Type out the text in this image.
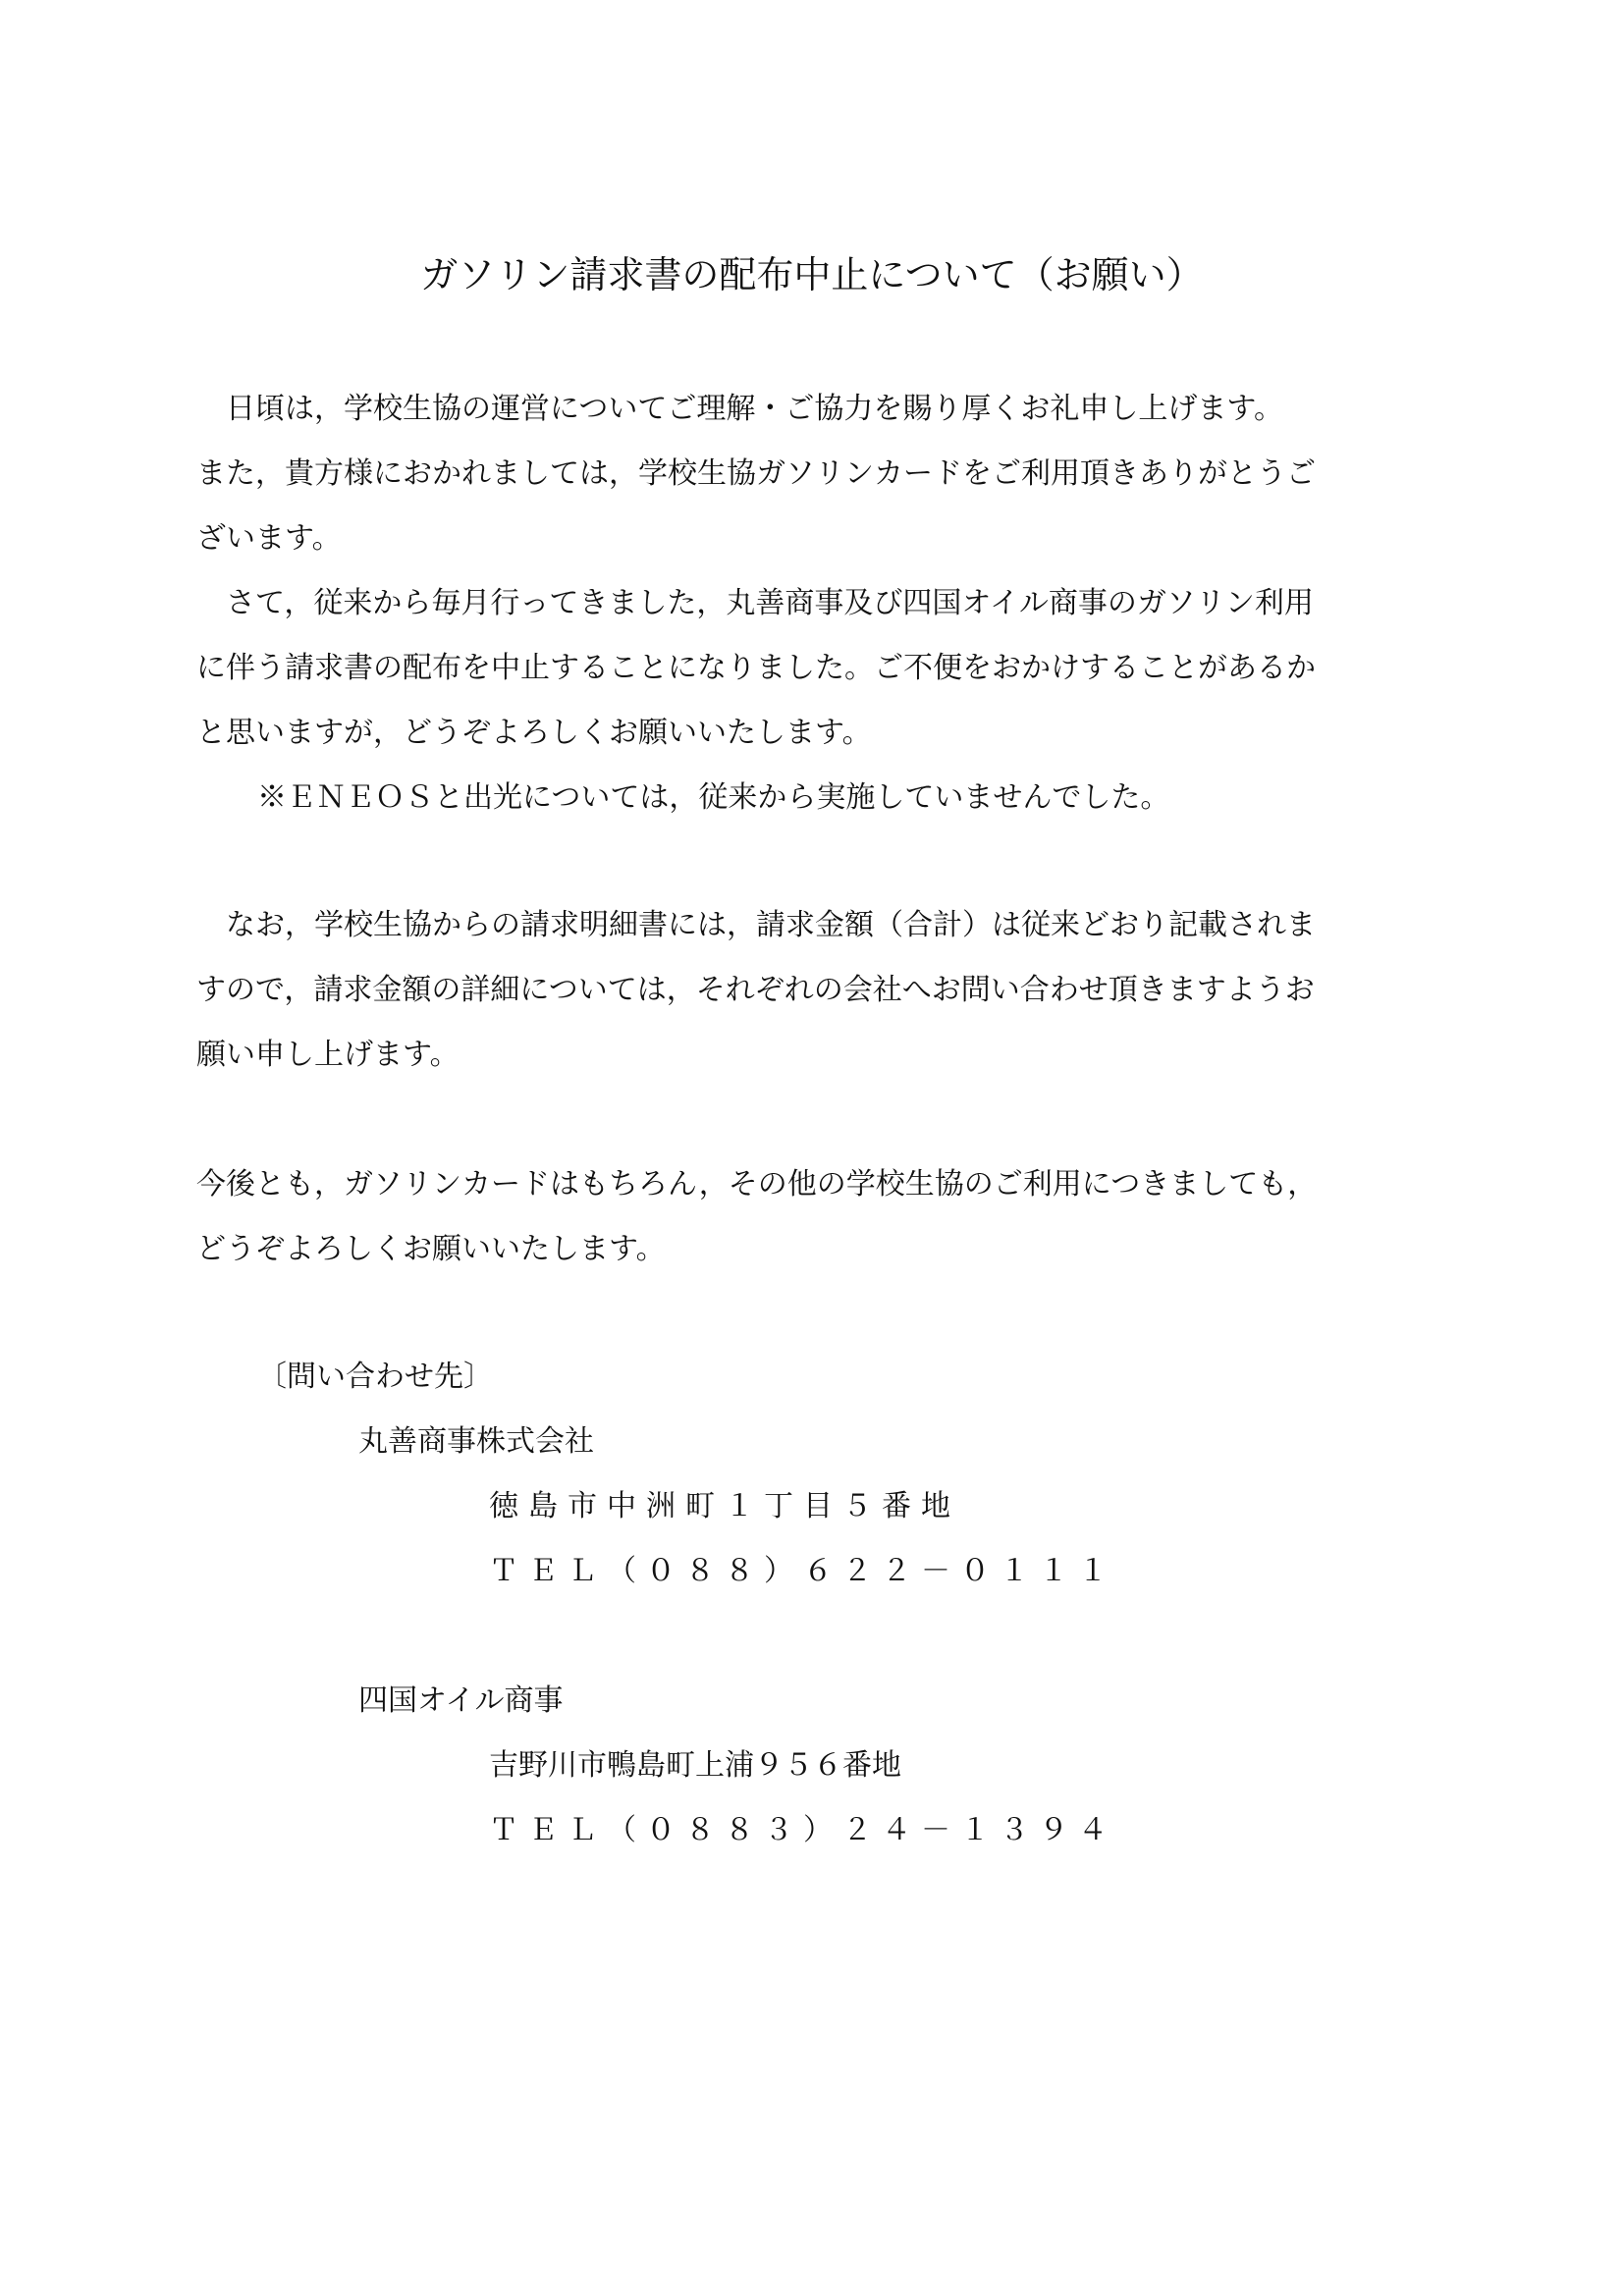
ガソリン請求書の配布中止について（お願い）

　日頃は，学校生協の運営についてご理解・ご協力を賜り厚くお礼申し上げます。
また，貴方様におかれましては，学校生協ガソリンカードをご利用頂きありがとうご
ざいます。

　さて，従来から毎月行ってきました，丸善商事及び四国オイル商事のガソリン利用
に伴う請求書の配布を中止することになりました。ご不便をおかけすることがあるか
と思いますが，どうぞよろしくお願いいたします。

※ＥＮＥＯＳと出光については，従来から実施していませんでした。

　なお，学校生協からの請求明細書には，請求金額（合計）は従来どおり記載されま
すので，請求金額の詳細については，それぞれの会社へお問い合わせ頂きますようお
願い申し上げます。

今後とも，ガソリンカードはもちろん，その他の学校生協のご利用につきましても，
どうぞよろしくお願いいたします。

〔問い合わせ先〕

丸善商事株式会社

徳島市中洲町１丁目５番地

ＴＥＬ（０８８）６２２－０１１１

四国オイル商事

吉野川市鴨島町上浦９５６番地

ＴＥＬ（０８８３）２４－１３９４
